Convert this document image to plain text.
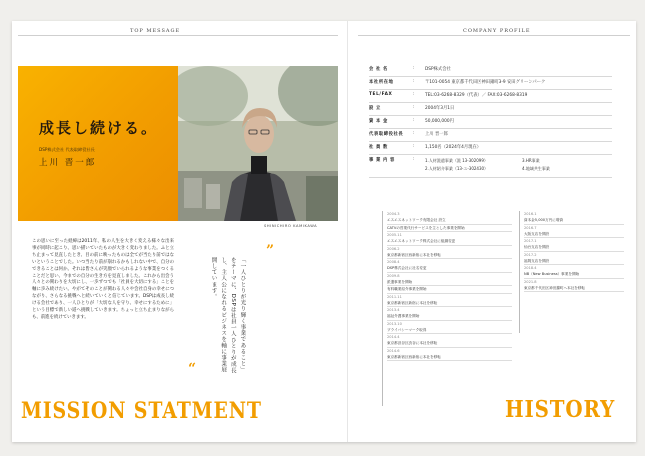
TOP MESSAGE
成長し続ける。
DSP株式会社 代表取締役社長
上川 晋一郎
SHINICHIRO KAMIKAWA
この思いに至った経緯は2011年、私の人生を大きく変える様々な出来事が同時に起こり、思い描いていたものが大きく変わりました。ふと立ち止まって見直したとき、目の前に映ったものは全てが当たり前ではないということでした。いつ当たり前が崩れるかもしれない中で、自分のできることは何か。それは皆さんが笑顔でいられるような事業をつくることだと思い、今までの自分の生き方を見直しました。これから出会う人々との関わりを大切にし、一歩ずつでも「社員を大切にする」ことを軸に歩み続けたい。やがてそのことが関わる人々や会社自身の幸せにつながり、さらなる挑戦へと続いていくと信じています。DSPは成長し続ける会社であり、一人ひとりが「大切な人を守り、幸せにするために」という目標で新しい道へ挑戦していきます。ちょっと立ち止まりながらも、前進を続けていきます。
”
「一人ひとりが光り輝く事業であること」をテーマに、DSPは社員一人ひとりが成長し、主人公になれるビジネスを軸に事業展開しています。
“
MISSION STATMENT
COMPANY PROFILE
会 社 名	: DSP株式会社
本社所在地	: 〒101-0054 東京都千代田区神田錦町3-9 安田グリーンパーク
TEL/FAX	: TEL:03-6268-8329（代表）／ FAX:03-6268-8319
設 立	: 2004年3月1日
資 本 金	: 50,000,000円
代表取締役社長 : 上川 晋一郎
社 員 数	: 1,150名（2024年4月現在）
事 業 内 容	:	1.人材派遣事業（派 13-302099）
2.人材紹介事業（13-ユ-302430）
3.HR事業
4.地域共生事業
2004.3
エスエスネットワーク有限会社 設立
CATVの営業代行サービスを主とした事業を開始
2005.11
エスエスネットワーク株式会社に組織変更
2006.2
東京都新宿区西新宿に本社を移転
2008.4
DSP株式会社に社名変更
2009.8
派遣事業を開始
有料職業紹介事業を開始
2011.11
東京都新宿区新宿に本社を移転
2013.4
福祉介護事業を開始
2013.10
プライバシーマーク取得
2014.4
東京都渋谷区渋谷に本社を移転
2014.6
東京都新宿区西新宿に本社を移転
2016.1
資本金5,000万円に増資
2016.7
大阪支店を開設
2017.1
仙台支店を開設
2017.2
福岡支店を開設
2018.4
NB（New Business）事業を開始
2021.8
東京都千代田区神田錦町へ本社を移転
HISTORY
